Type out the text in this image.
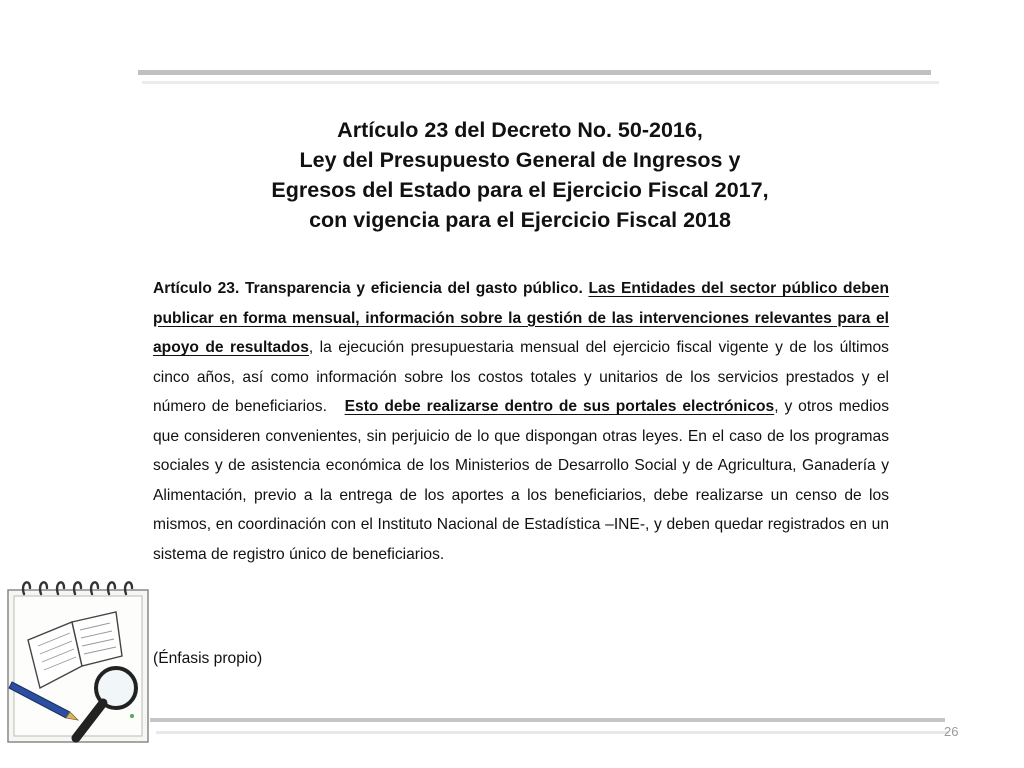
Artículo 23 del Decreto No. 50-2016,
Ley del Presupuesto General de Ingresos y
Egresos del Estado para el Ejercicio Fiscal 2017,
con vigencia para el Ejercicio Fiscal 2018
Artículo 23. Transparencia y eficiencia del gasto público. Las Entidades del sector público deben publicar en forma mensual, información sobre la gestión de las intervenciones relevantes para el apoyo de resultados, la ejecución presupuestaria mensual del ejercicio fiscal vigente y de los últimos cinco años, así como información sobre los costos totales y unitarios de los servicios prestados y el número de beneficiarios. Esto debe realizarse dentro de sus portales electrónicos, y otros medios que consideren convenientes, sin perjuicio de lo que dispongan otras leyes. En el caso de los programas sociales y de asistencia económica de los Ministerios de Desarrollo Social y de Agricultura, Ganadería y Alimentación, previo a la entrega de los aportes a los beneficiarios, debe realizarse un censo de los mismos, en coordinación con el Instituto Nacional de Estadística –INE-, y deben quedar registrados en un sistema de registro único de beneficiarios.
(Énfasis propio)
26
